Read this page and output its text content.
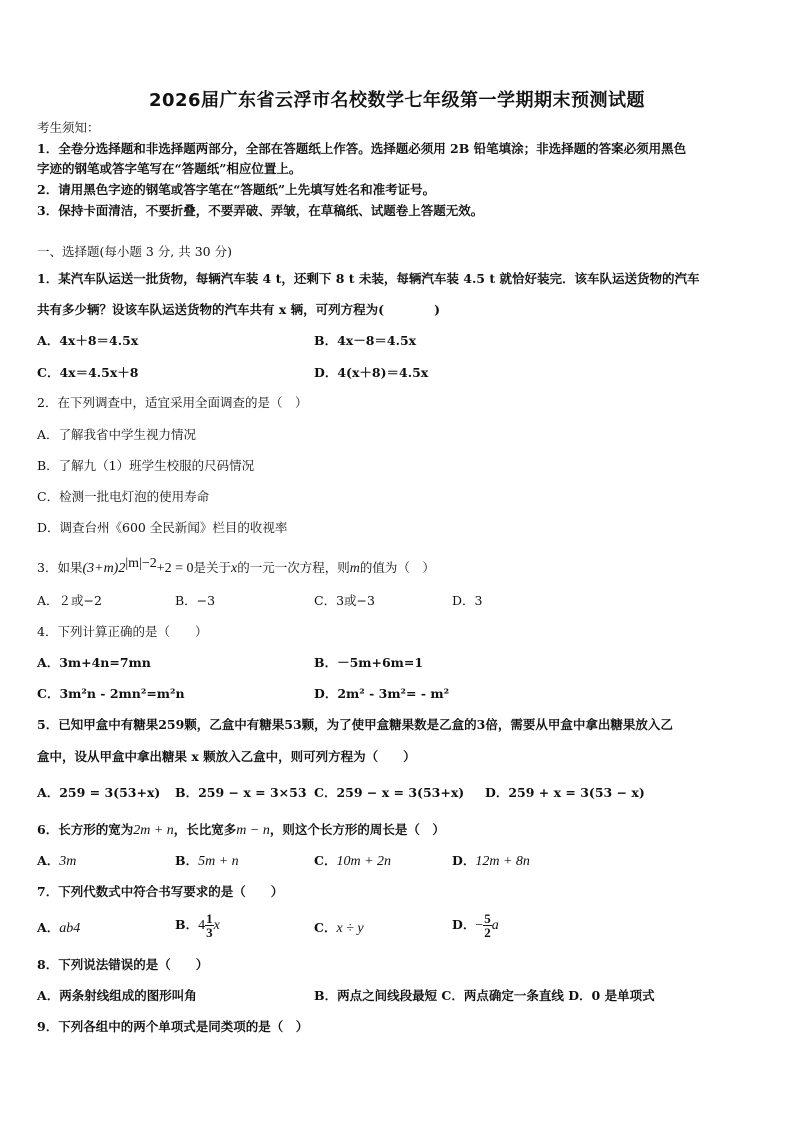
2026届广东省云浮市名校数学七年级第一学期期末预测试题
考生须知：
1．全卷分选择题和非选择题两部分，全部在答题纸上作答。选择题必须用 2B 铅笔填涂；非选择题的答案必须用黑色
字迹的钢笔或答字笔写在“答题纸”相应位置上。
2．请用黑色字迹的钢笔或答字笔在“答题纸”上先填写姓名和准考证号。
3．保持卡面清洁，不要折叠，不要弄破、弄皱，在草稿纸、试题卷上答题无效。
一、选择题(每小题 3 分, 共 30 分)
1．某汽车队运送一批货物，每辆汽车装 4 t，还剩下 8 t 未装，每辆汽车装 4.5 t 就恰好装完．该车队运送货物的汽车
共有多少辆？设该车队运送货物的汽车共有 x 辆，可列方程为(　　　　)
A．4x＋8＝4.5x	B．4x－8＝4.5x
C．4x＝4.5x＋8	D．4(x＋8)＝4.5x
2．在下列调查中，适宜采用全面调查的是（　）
A．了解我省中学生视力情况
B．了解九（1）班学生校服的尺码情况
C．检测一批电灯泡的使用寿命
D．调查台州《600 全民新闻》栏目的收视率
3．如果$(3+m)2^{|m|-2}+2 = 0$是关于x的一元一次方程，则m的值为（　）
A．２或−2	B．−3	C．3或−3	D．3
4．下列计算正确的是（　　）
A．3m+4n=7mn	B．－5m+6m=1
C．3m²n - 2mn²=m²n	D．2m² - 3m²= - m²
5．已知甲盒中有糖果259颗，乙盒中有糖果53颗，为了使甲盒糖果数是乙盒的3倍，需要从甲盒中拿出糖果放入乙
盒中，设从甲盒中拿出糖果 x 颗放入乙盒中，则可列方程为（　　）
A．259 = 3(53+x) B．259 − x = 3×53 C．259 − x = 3(53+x) D．259 + x = 3(53 − x)
6．长方形的宽为2m + n，长比宽多m − n，则这个长方形的周长是（　）
A．3m	B．5m + n	C．10m + 2n	D．12m + 8n
7．下列代数式中符合书写要求的是（　　）
A．ab4	B．$4 \frac{1}{3}$ x	C．x ÷ y	D．− $\frac{5}{2}$ a
8．下列说法错误的是（　　）
A．两条射线组成的图形叫角	B．两点之间线段最短 C．两点确定一条直线 D．0 是单项式
9．下列各组中的两个单项式是同类项的是（　）
